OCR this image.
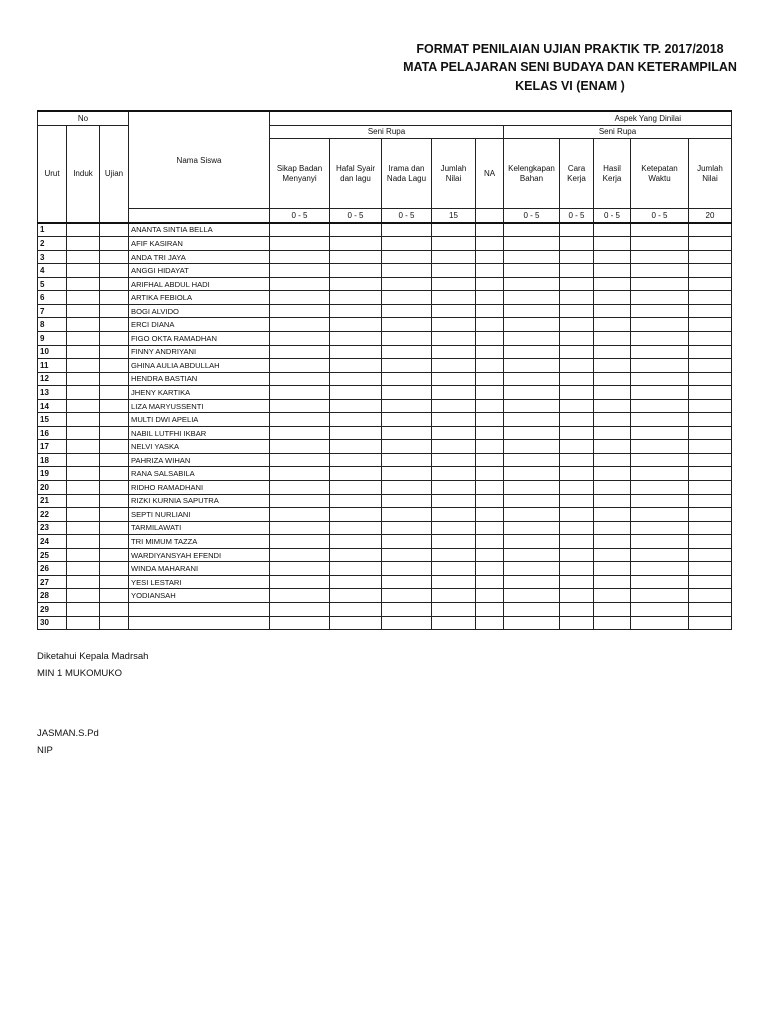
FORMAT PENILAIAN UJIAN PRAKTIK TP. 2017/2018
MATA PELAJARAN SENI BUDAYA DAN KETERAMPILAN
KELAS VI (ENAM )
No			Nama Siswa	Aspek Yang Dinilai									
Urut	Induk	Ujian		Seni Rupa					Seni Rupa				
				Sikap Badan Menyanyi	Hafal Syair dan lagu	Irama dan Nada Lagu	Jumlah Nilai	NA	Kelengkapan Bahan	Cara Kerja	Hasil Kerja	Ketepatan Waktu	Jumlah Nilai
				0 - 5	0 - 5	0 - 5	15		0 - 5	0 - 5	0 - 5	0 - 5	20
1			ANANTA SINTIA BELLA										
2			AFIF KASIRAN										
3			ANDA TRI JAYA										
4			ANGGI HIDAYAT										
5			ARIFHAL ABDUL HADI										
6			ARTIKA FEBIOLA										
7			BOGI ALVIDO										
8			ERCI DIANA										
9			FIGO OKTA RAMADHAN										
10			FINNY ANDRIYANI										
11			GHINA AULIA ABDULLAH										
12			HENDRA BASTIAN										
13			JHENY KARTIKA										
14			LIZA MARYUSSENTI										
15			MULTI DWI APELIA										
16			NABIL LUTFHI IKBAR										
17			NELVI YASKA										
18			PAHRIZA WIHAN										
19			RANA SALSABILA										
20			RIDHO RAMADHANI										
21			RIZKI KURNIA SAPUTRA										
22			SEPTI NURLIANI										
23			TARMILAWATI										
24			TRI MIMUM TAZZA										
25			WARDIYANSYAH EFENDI										
26			WINDA MAHARANI										
27			YESI LESTARI										
28			YODIANSAH										
29													
30													
Diketahui Kepala Madrsah
MIN 1 MUKOMUKO
JASMAN.S.Pd
NIP
